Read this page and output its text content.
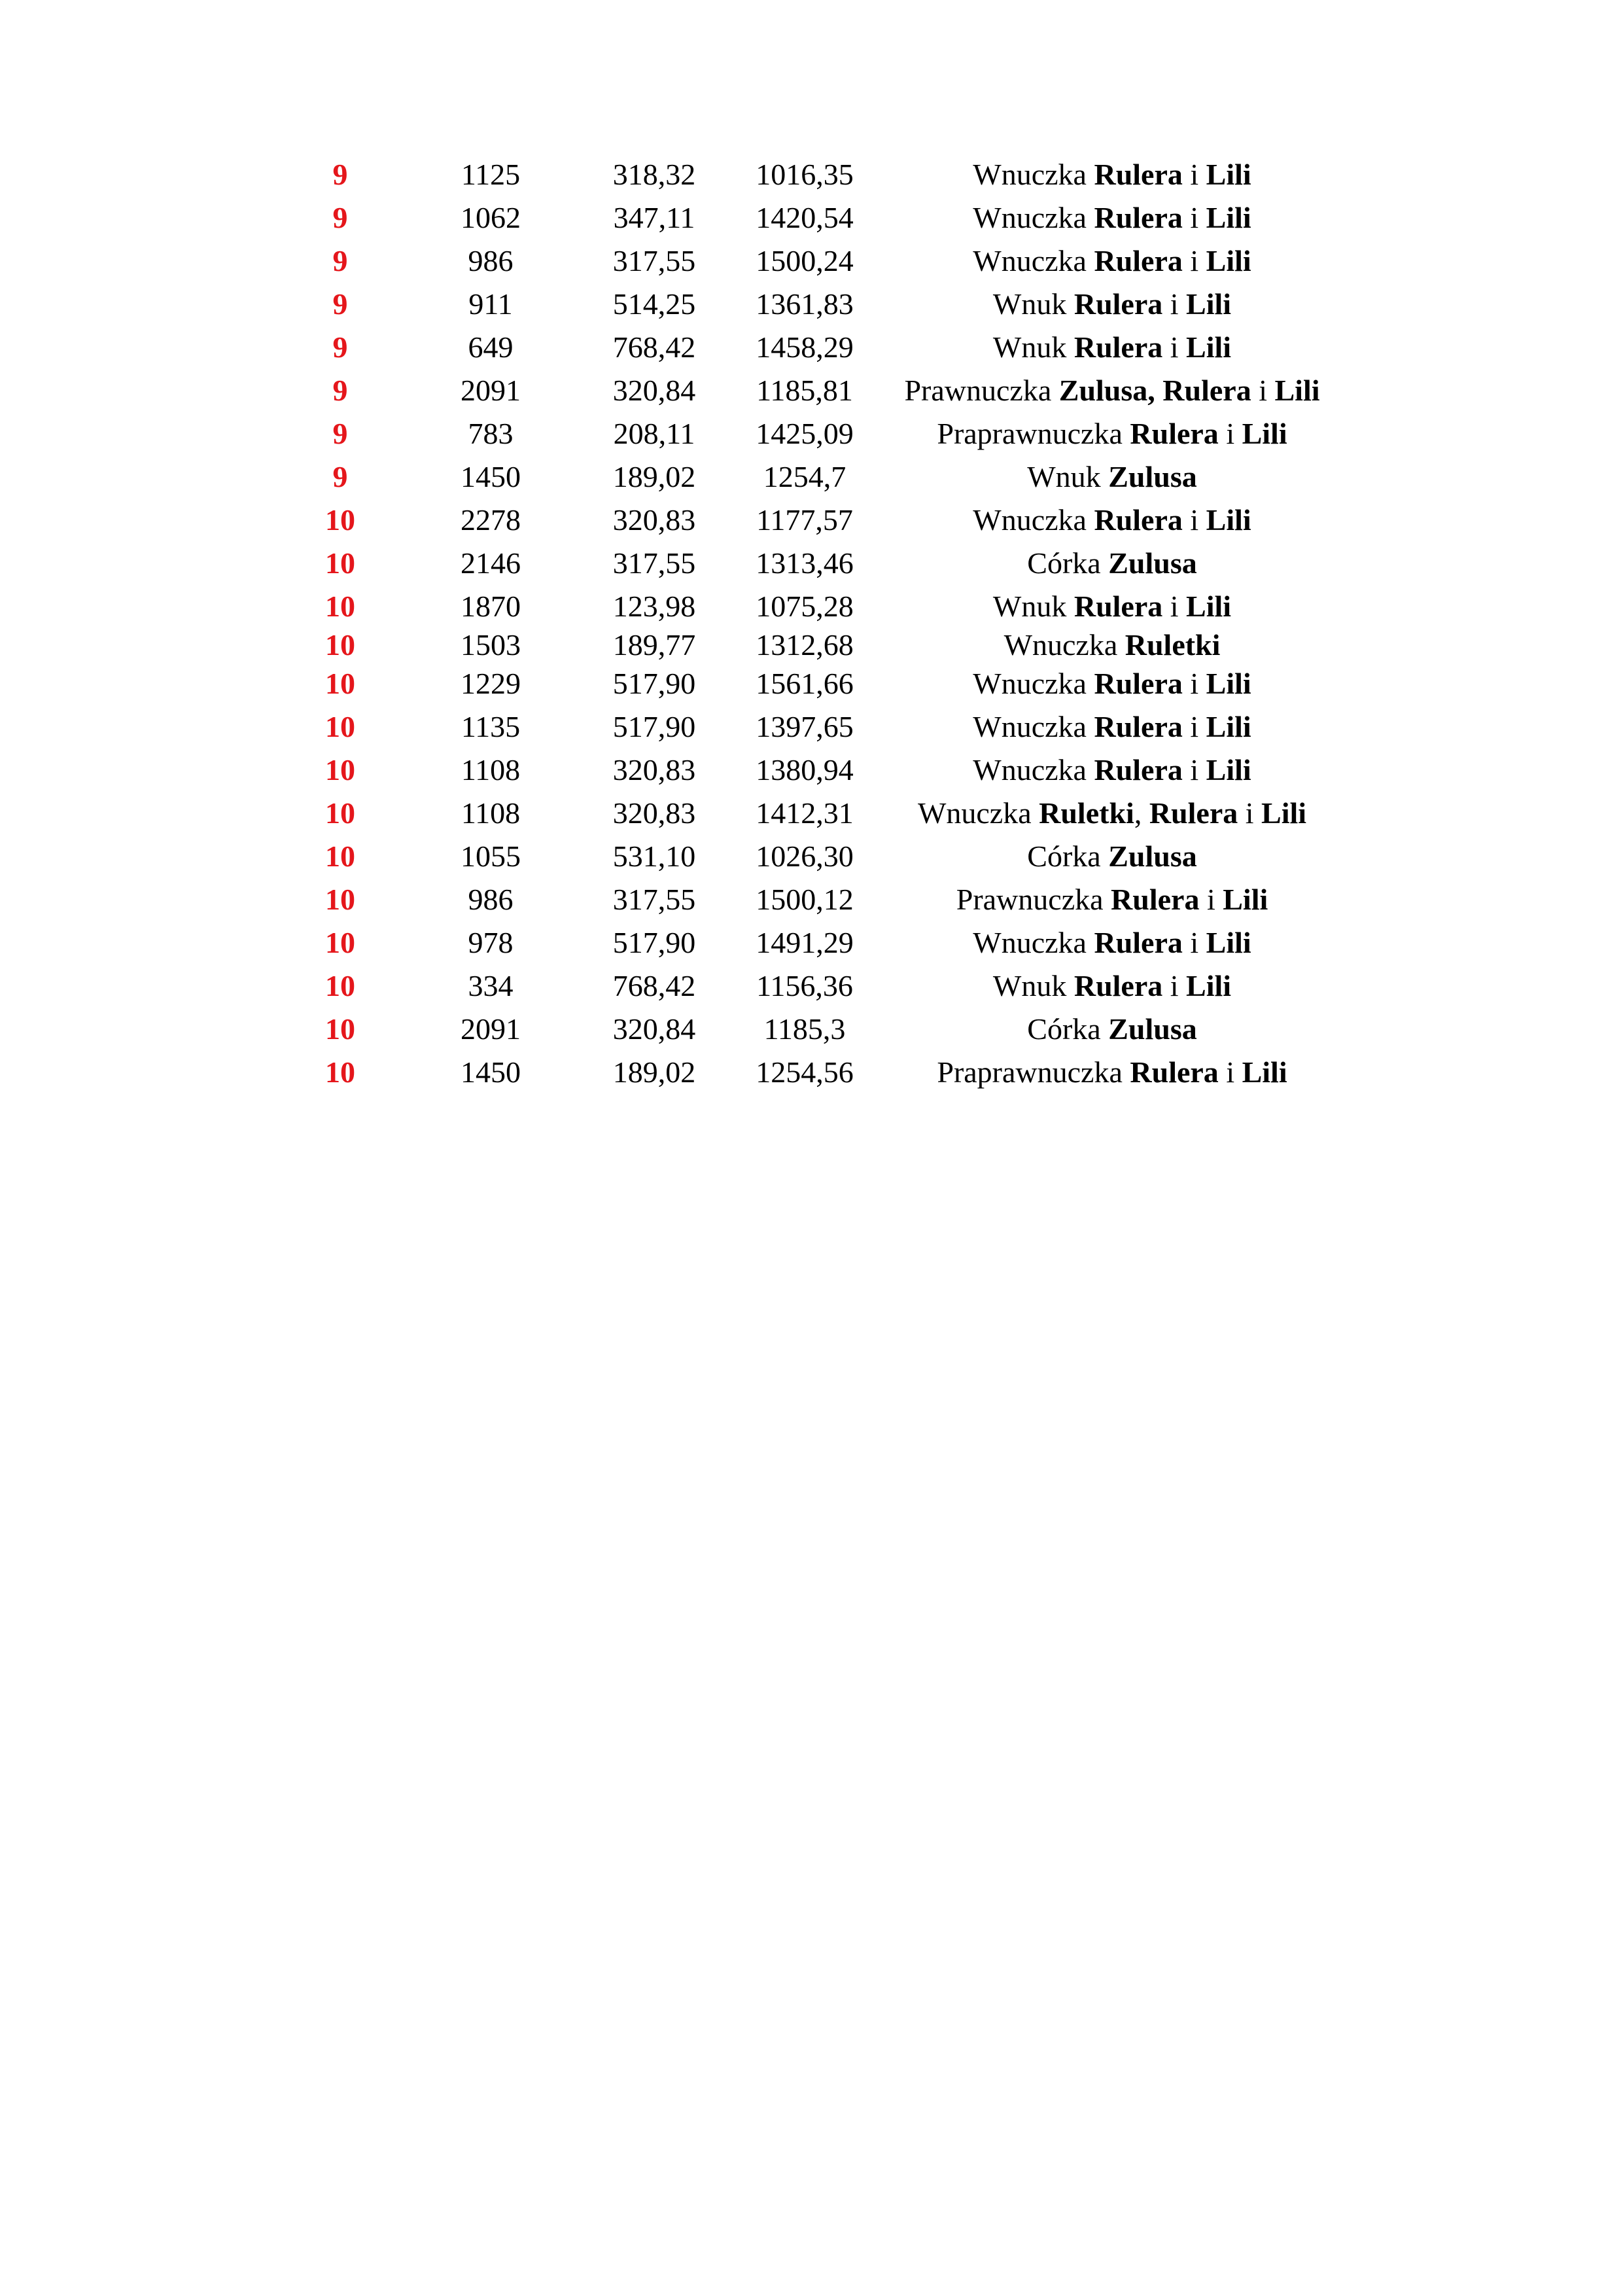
9	1125	318,32	1016,35	Wnuczka Rulera i Lili
9	1062	347,11	1420,54	Wnuczka Rulera i Lili
9	986	317,55	1500,24	Wnuczka Rulera i Lili
9	911	514,25	1361,83	Wnuk Rulera i Lili
9	649	768,42	1458,29	Wnuk Rulera i Lili
9	2091	320,84	1185,81	Prawnuczka Zulusa, Rulera i Lili
9	783	208,11	1425,09	Praprawnuczka Rulera i Lili
9	1450	189,02	1254,7	Wnuk Zulusa
10	2278	320,83	1177,57	Wnuczka Rulera i Lili
10	2146	317,55	1313,46	Córka Zulusa
10	1870	123,98	1075,28	Wnuk Rulera i Lili
10	1503	189,77	1312,68	Wnuczka Ruletki
10	1229	517,90	1561,66	Wnuczka Rulera i Lili
10	1135	517,90	1397,65	Wnuczka Rulera i Lili
10	1108	320,83	1380,94	Wnuczka Rulera i Lili
10	1108	320,83	1412,31	Wnuczka Ruletki, Rulera i Lili
10	1055	531,10	1026,30	Córka Zulusa
10	986	317,55	1500,12	Prawnuczka Rulera i Lili
10	978	517,90	1491,29	Wnuczka Rulera i Lili
10	334	768,42	1156,36	Wnuk Rulera i Lili
10	2091	320,84	1185,3	Córka Zulusa
10	1450	189,02	1254,56	Praprawnuczka Rulera i Lili
